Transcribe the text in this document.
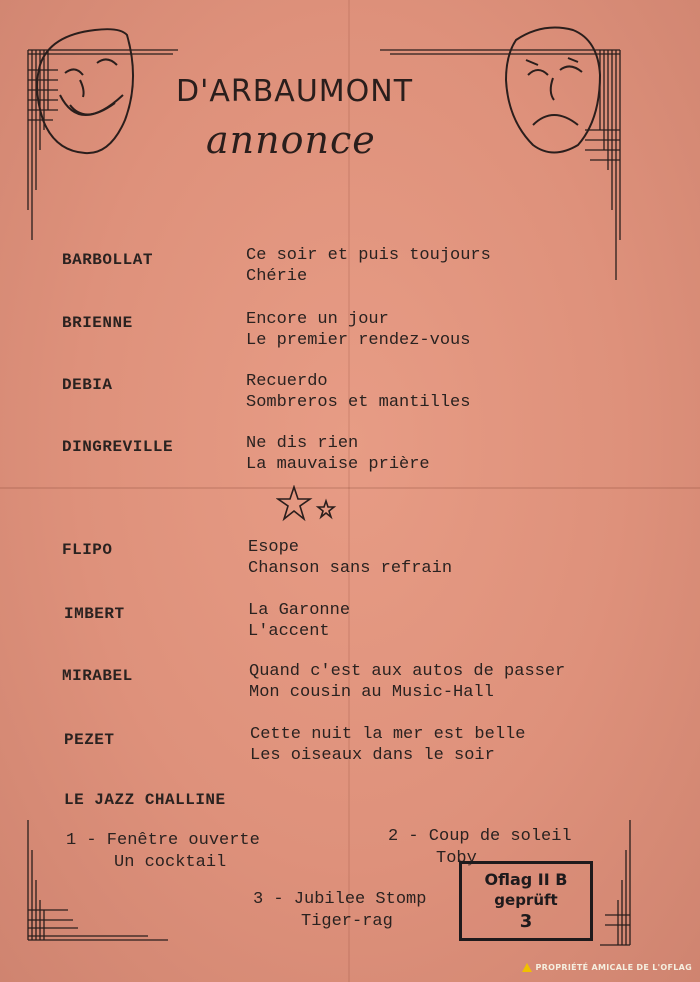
D'ARBAUMONT
annonce
BARBOLLAT	Ce soir et puis toujours
Chérie
BRIENNE	Encore un jour
Le premier rendez-vous
DEBIA	Recuerdo
Sombreros et mantilles
DINGREVILLE	Ne dis rien
La mauvaise prière
FLIPO	Esope
Chanson sans refrain
IMBERT	La Garonne
L'accent
MIRABEL	Quand c'est aux autos de passer
Mon cousin au Music-Hall
PEZET	Cette nuit la mer est belle
Les oiseaux dans le soir
LE JAZZ CHALLINE
1 - Fenêtre ouverte
Un cocktail
2 - Coup de soleil
Toby
3 - Jubilee Stomp
Tiger-rag
Oflag II B
geprüft
3
PROPRIÉTÉ AMICALE DE L'OFLAG
